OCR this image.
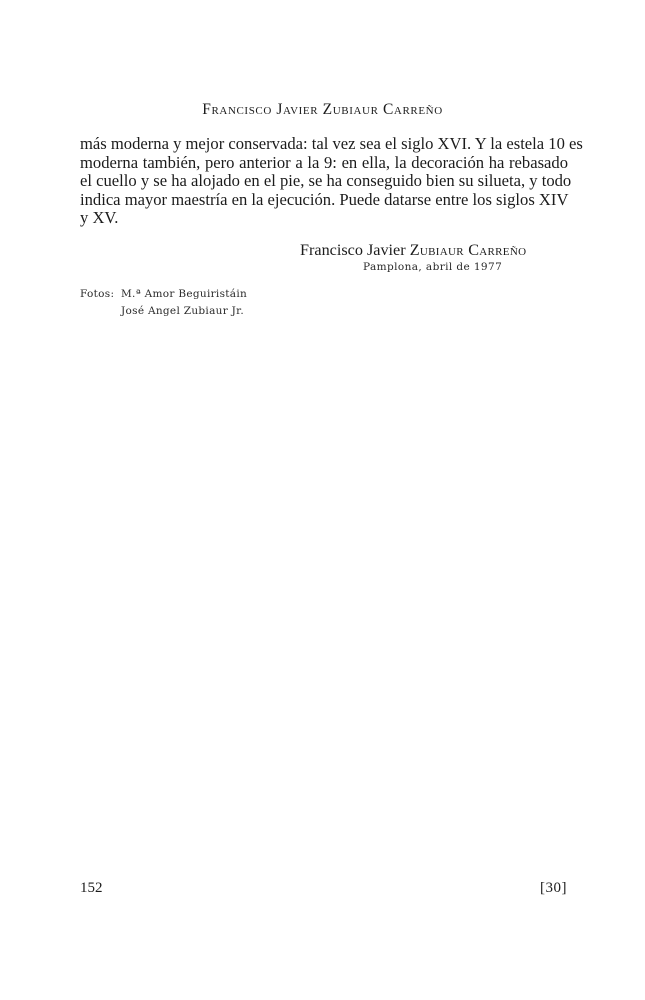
Francisco Javier Zubiaur Carreño
más moderna y mejor conservada: tal vez sea el siglo XVI. Y la estela 10 es
moderna también, pero anterior a la 9: en ella, la decoración ha rebasado
el cuello y se ha alojado en el pie, se ha conseguido bien su silueta, y todo
indica mayor maestría en la ejecución. Puede datarse entre los siglos XIV
y XV.
Francisco Javier Zubiaur Carreño
Pamplona, abril de 1977
Fotos: M.ª Amor Beguiristáin
José Angel Zubiaur Jr.
152	[30]
